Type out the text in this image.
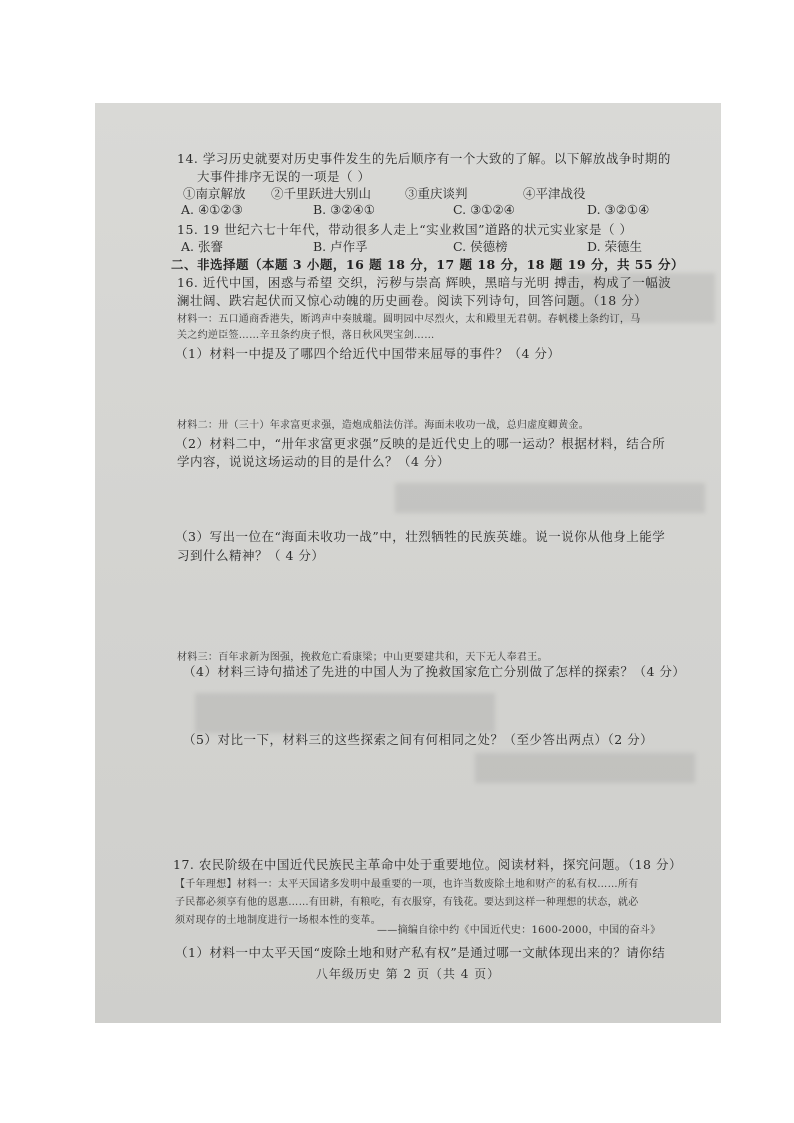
14. 学习历史就要对历史事件发生的先后顺序有一个大致的了解。以下解放战争时期的
大事件排序无误的一项是（ ）
①南京解放 ②千里跃进大别山	③重庆谈判	④平津战役
A. ④①②③	B. ③②④①	C. ③①②④	D. ③②①④
15. 19 世纪六七十年代，带动很多人走上“实业救国”道路的状元实业家是（ ）
A. 张謇	B. 卢作孚	C. 侯德榜	D. 荣德生
二、非选择题（本题 3 小题，16 题 18 分，17 题 18 分，18 题 19 分，共 55 分）
16. 近代中国，困惑与希望 交织，污秽与崇高 辉映，黑暗与光明 搏击，构成了一幅波
澜壮阔、跌宕起伏而又惊心动魄的历史画卷。阅读下列诗句，回答问题。（18 分）
材料一：五口通商香港失，断鸿声中奏賊瓏。圆明园中尽烈火，太和殿里无君朝。春帆楼上条约订，马
关之约逆臣签……辛丑条约庚子恨，落日秋风哭宝剑……
（1）材料一中提及了哪四个给近代中国带来屈辱的事件？（4 分）
材料二：卅（三十）年求富更求强，造炮成船法仿洋。海面未收功一战，总归虚度卿黄金。
（2）材料二中，“卅年求富更求强”反映的是近代史上的哪一运动？根据材料，结合所
学内容，说说这场运动的目的是什么？（4 分）
（3）写出一位在“海面未收功一战”中，壮烈牺牲的民族英雄。说一说你从他身上能学
习到什么精神？（ 4 分）
材料三：百年求新为图强，挽救危亡看康梁；中山更要建共和，天下无人奉君王。
（4）材料三诗句描述了先进的中国人为了挽救国家危亡分别做了怎样的探索？（4 分）
（5）对比一下，材料三的这些探索之间有何相同之处？（至少答出两点）（2 分）
17. 农民阶级在中国近代民族民主革命中处于重要地位。阅读材料，探究问题。（18 分）
【千年理想】材料一：太平天国诸多发明中最重要的一项，也许当数废除土地和财产的私有权……所有
子民都必须享有他的恩惠……有田耕，有粮吃，有衣服穿，有钱花。要达到这样一种理想的状态，就必
须对现存的土地制度进行一场根本性的变革。
——摘编自徐中约《中国近代史：1600-2000，中国的奋斗》
（1）材料一中太平天国“废除土地和财产私有权”是通过哪一文献体现出来的？请你结
八年级历史 第 2 页（共 4 页）
